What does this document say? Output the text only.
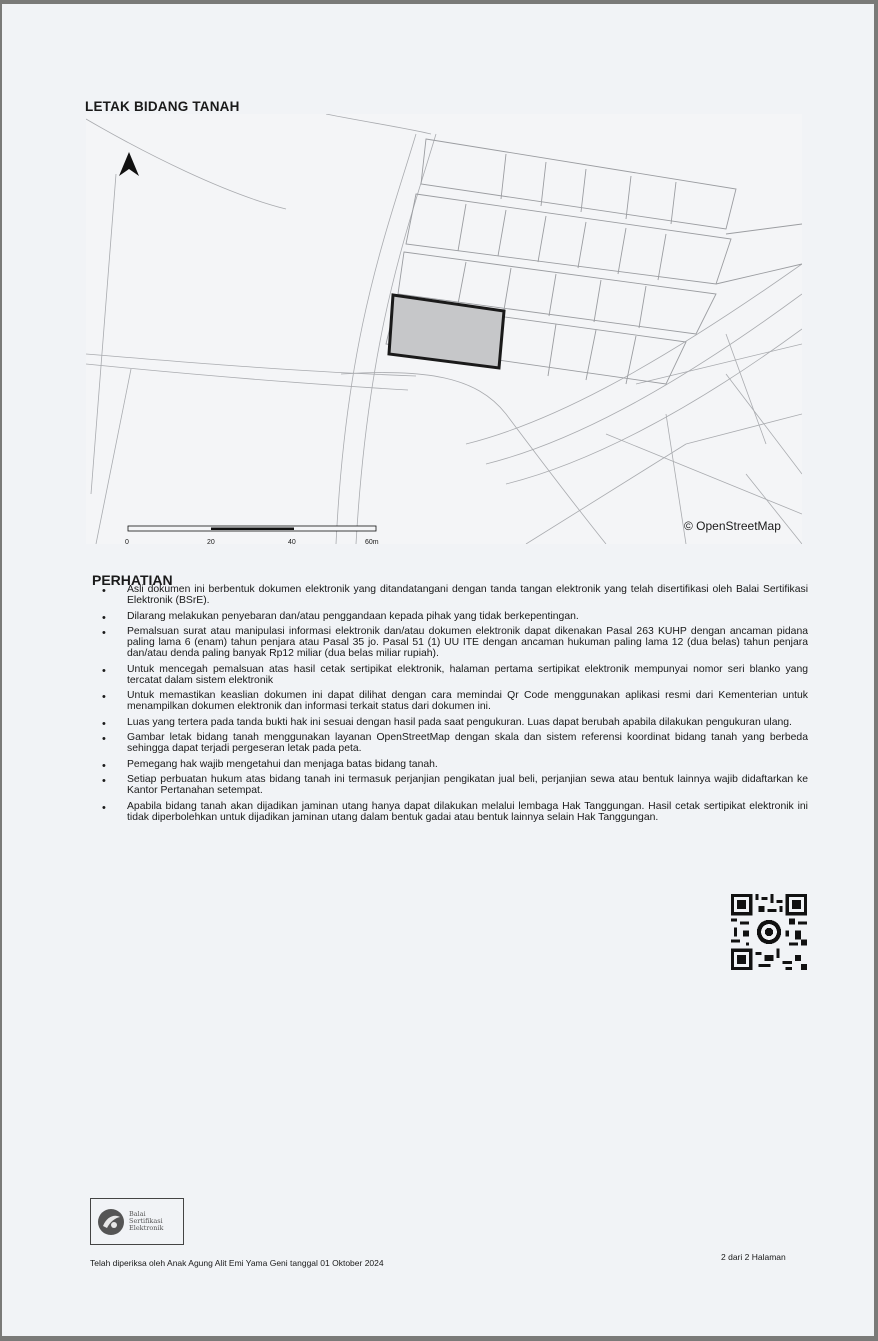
LETAK BIDANG TANAH
© OpenStreetMap
0	20	40	60m
PERHATIAN
• Asli dokumen ini berbentuk dokumen elektronik yang ditandatangani dengan tanda tangan elektronik yang telah disertifikasi oleh Balai Sertifikasi Elektronik (BSrE).
• Dilarang melakukan penyebaran dan/atau penggandaan kepada pihak yang tidak berkepentingan.
• Pemalsuan surat atau manipulasi informasi elektronik dan/atau dokumen elektronik dapat dikenakan Pasal 263 KUHP dengan ancaman pidana paling lama 6 (enam) tahun penjara atau Pasal 35 jo. Pasal 51 (1) UU ITE dengan ancaman hukuman paling lama 12 (dua belas) tahun penjara dan/atau denda paling banyak Rp12 miliar (dua belas miliar rupiah).
• Untuk mencegah pemalsuan atas hasil cetak sertipikat elektronik, halaman pertama sertipikat elektronik mempunyai nomor seri blanko yang tercatat dalam sistem elektronik
• Untuk memastikan keaslian dokumen ini dapat dilihat dengan cara memindai Qr Code menggunakan aplikasi resmi dari Kementerian untuk menampilkan dokumen elektronik dan informasi terkait status dari dokumen ini.
• Luas yang tertera pada tanda bukti hak ini sesuai dengan hasil pada saat pengukuran. Luas dapat berubah apabila dilakukan pengukuran ulang.
• Gambar letak bidang tanah menggunakan layanan OpenStreetMap dengan skala dan sistem referensi koordinat bidang tanah yang berbeda sehingga dapat terjadi pergeseran letak pada peta.
• Pemegang hak wajib mengetahui dan menjaga batas bidang tanah.
• Setiap perbuatan hukum atas bidang tanah ini termasuk perjanjian pengikatan jual beli, perjanjian sewa atau bentuk lainnya wajib didaftarkan ke Kantor Pertanahan setempat.
• Apabila bidang tanah akan dijadikan jaminan utang hanya dapat dilakukan melalui lembaga Hak Tanggungan. Hasil cetak sertipikat elektronik ini tidak diperbolehkan untuk dijadikan jaminan utang dalam bentuk gadai atau bentuk lainnya selain Hak Tanggungan.
Balai
Sertifikasi
Elektronik
Telah diperiksa oleh Anak Agung Alit Emi Yama Geni tanggal 01 Oktober 2024
2 dari 2 Halaman
